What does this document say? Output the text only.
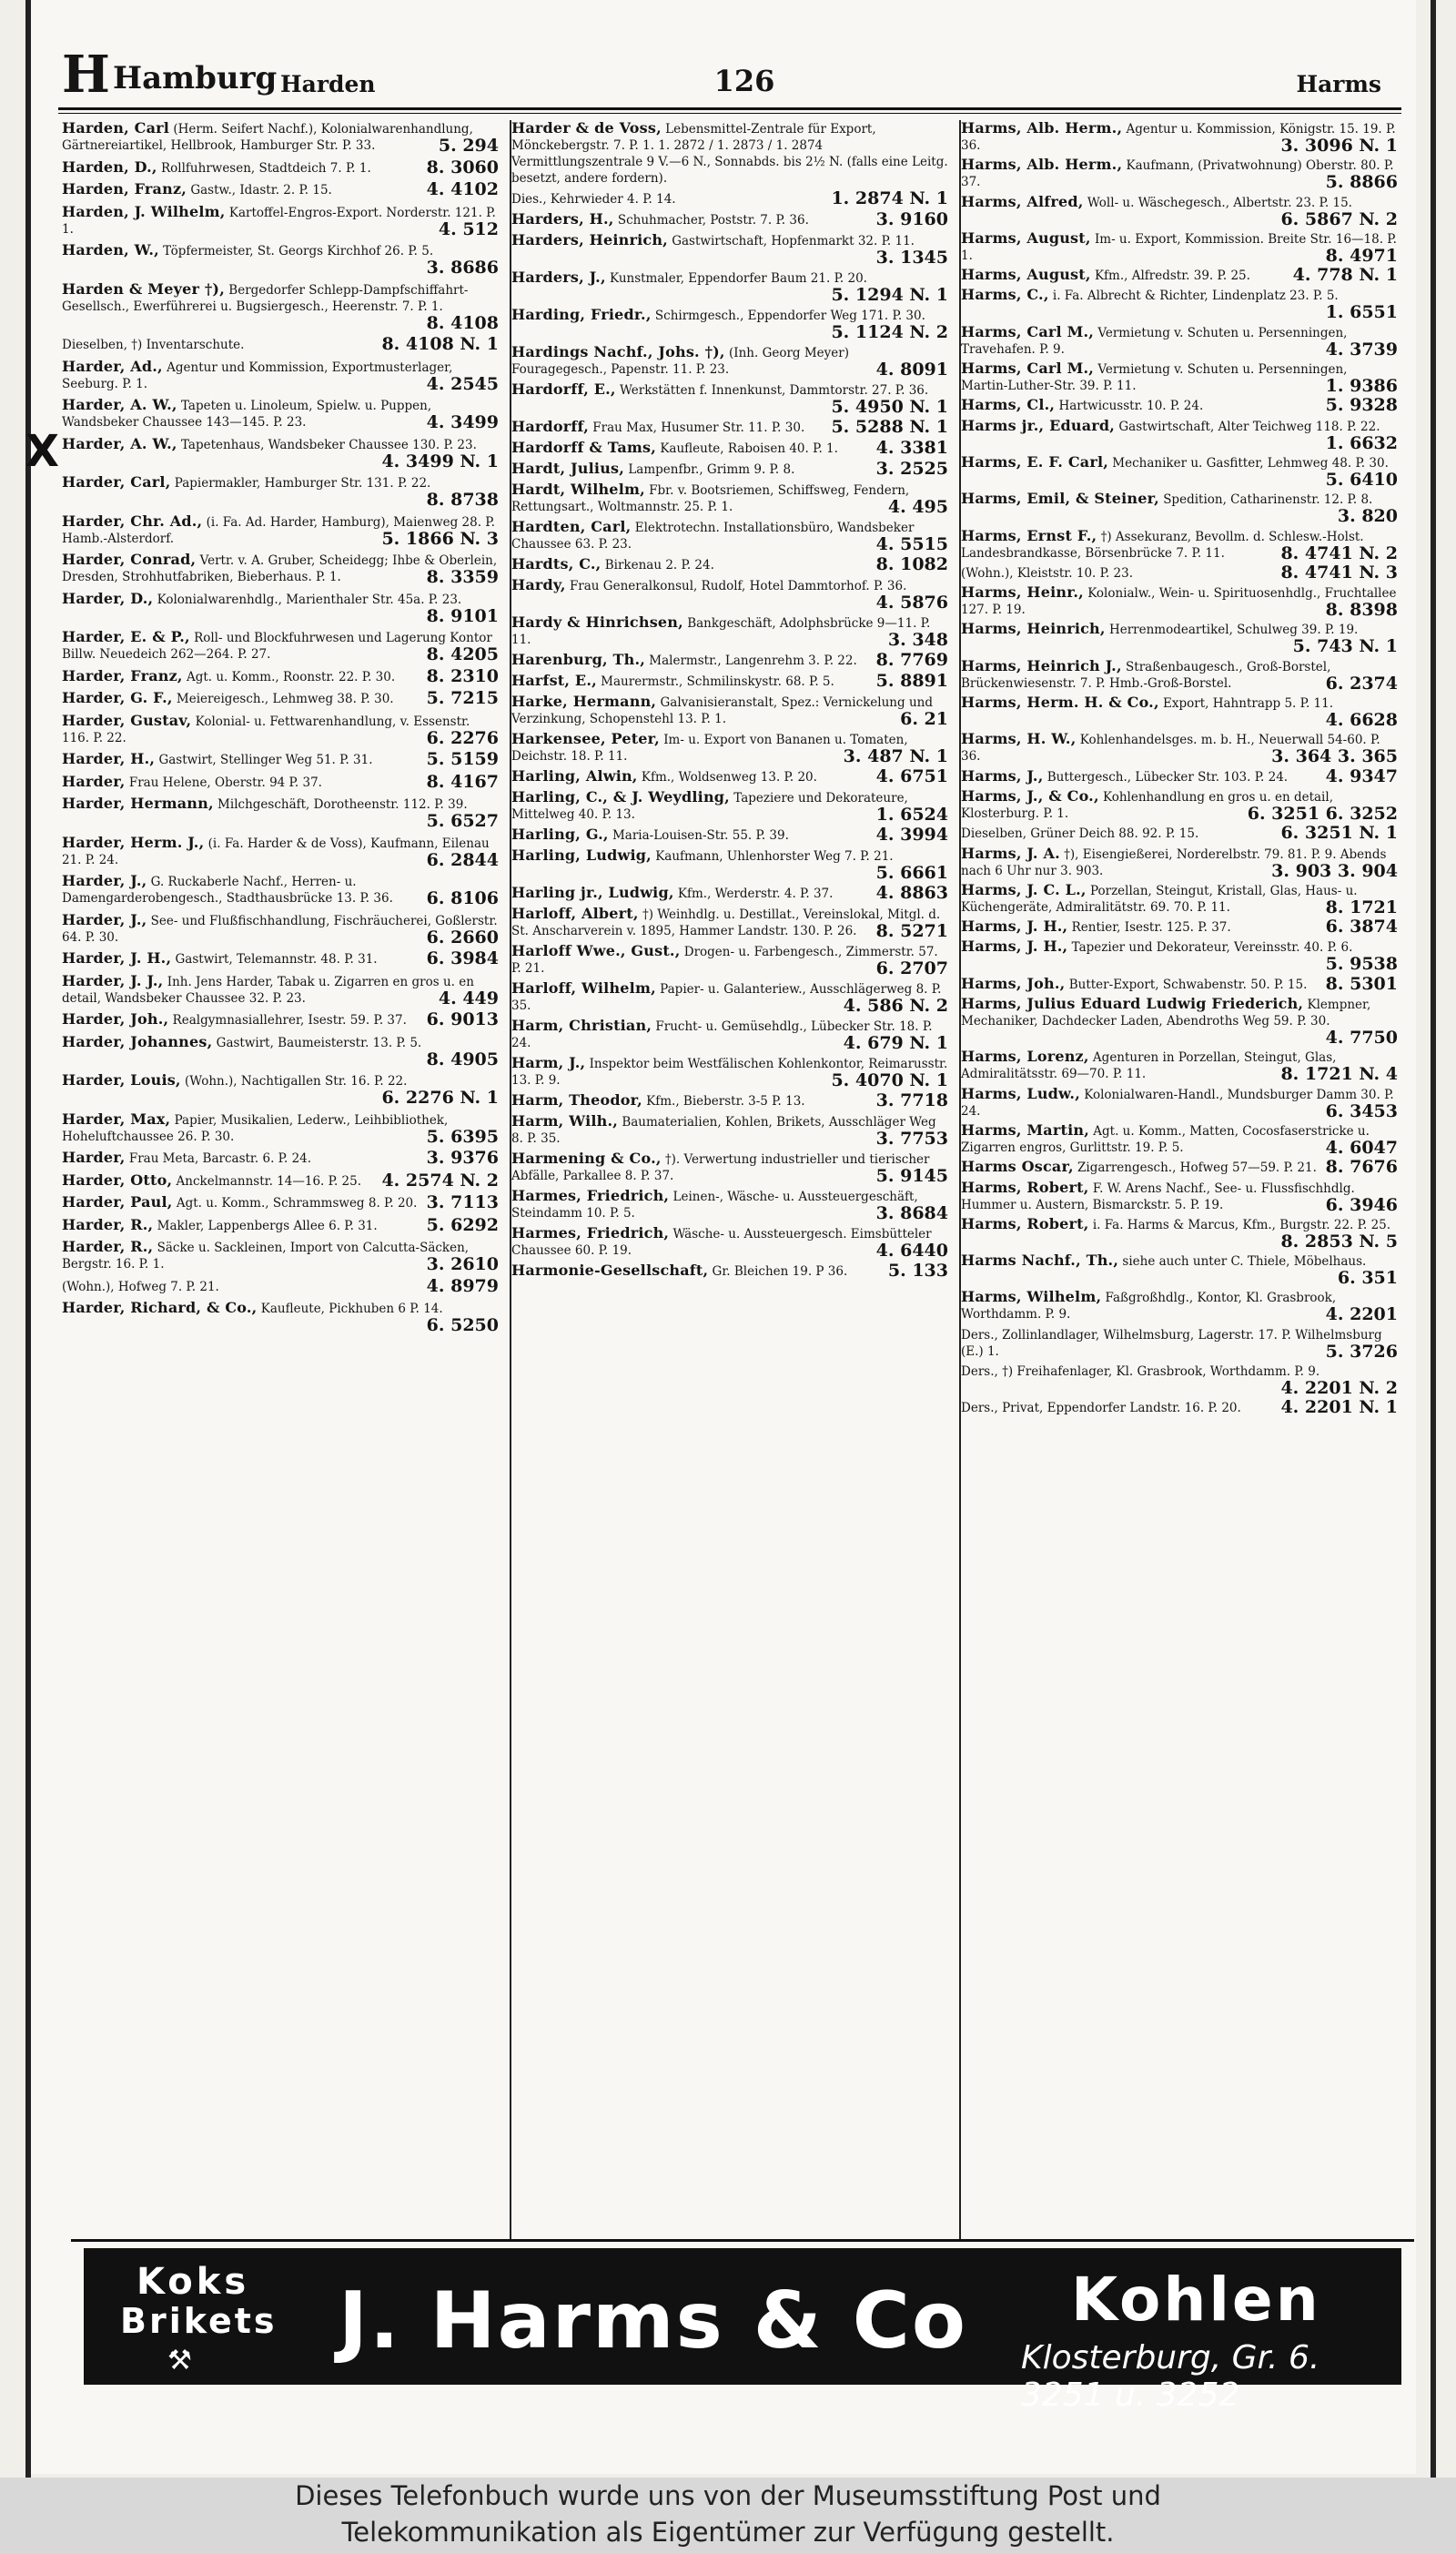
H Hamburg Harden	126	Harms
X
Harden, Carl (Herm. Seifert Nachf.), Kolonialwarenhandlung, Gärtnereiartikel, Hellbrook, Hamburger Str. P. 33.	5. 294
Harden, D., Rollfuhrwesen, Stadtdeich 7. P. 1.	8. 3060
Harden, Franz, Gastw., Idastr. 2. P. 15.	4. 4102
Harden, J. Wilhelm, Kartoffel-Engros-Export. Norderstr. 121. P. 1.	4. 512
Harden, W., Töpfermeister, St. Georgs Kirchhof 26. P. 5.
3. 8686
Harden & Meyer †), Bergedorfer Schlepp-Dampfschiffahrt-Gesellsch., Ewerführerei u. Bugsiergesch., Heerenstr. 7. P. 1.
8. 4108
Dieselben, †) Inventarschute.	8. 4108 N. 1
Harder, Ad., Agentur und Kommission, Exportmusterlager, Seeburg. P. 1.	4. 2545
Harder, A. W., Tapeten u. Linoleum, Spielw. u. Puppen, Wandsbeker Chaussee 143—145. P. 23.	4. 3499
Harder, A. W., Tapetenhaus, Wandsbeker Chaussee 130. P. 23.
4. 3499 N. 1
Harder, Carl, Papiermakler, Hamburger Str. 131. P. 22.
8. 8738
Harder, Chr. Ad., (i. Fa. Ad. Harder, Hamburg), Maienweg 28. P. Hamb.-Alsterdorf.	5. 1866 N. 3
Harder, Conrad, Vertr. v. A. Gruber, Scheidegg; Ihbe & Oberlein, Dresden, Strohhutfabriken, Bieberhaus. P. 1.	8. 3359
Harder, D., Kolonialwarenhdlg., Marienthaler Str. 45a. P. 23.
8. 9101
Harder, E. & P., Roll- und Blockfuhrwesen und Lagerung Kontor Billw. Neuedeich 262—264. P. 27.	8. 4205
Harder, Franz, Agt. u. Komm., Roonstr. 22. P. 30. 8. 2310
Harder, G. F., Meiereigesch., Lehmweg 38. P. 30. 5. 7215
Harder, Gustav, Kolonial- u. Fettwarenhandlung, v. Essenstr. 116. P. 22.	6. 2276
Harder, H., Gastwirt, Stellinger Weg 51. P. 31.	5. 5159
Harder, Frau Helene, Oberstr. 94 P. 37.	8. 4167
Harder, Hermann, Milchgeschäft, Dorotheenstr. 112. P. 39.
5. 6527
Harder, Herm. J., (i. Fa. Harder & de Voss), Kaufmann, Eilenau 21. P. 24.	6. 2844
Harder, J., G. Ruckaberle Nachf., Herren- u. Damengarderobengesch., Stadthausbrücke 13. P. 36. 6. 8106
Harder, J., See- und Flußfischhandlung, Fischräucherei, Goßlerstr. 64. P. 30.	6. 2660
Harder, J. H., Gastwirt, Telemannstr. 48. P. 31.	6. 3984
Harder, J. J., Inh. Jens Harder, Tabak u. Zigarren en gros u. en detail, Wandsbeker Chaussee 32. P. 23.	4. 449
Harder, Joh., Realgymnasiallehrer, Isestr. 59. P. 37. 6. 9013
Harder, Johannes, Gastwirt, Baumeisterstr. 13. P. 5.
8. 4905
Harder, Louis, (Wohn.), Nachtigallen Str. 16. P. 22.
6. 2276 N. 1
Harder, Max, Papier, Musikalien, Lederw., Leihbibliothek, Hoheluftchaussee 26. P. 30.	5. 6395
Harder, Frau Meta, Barcastr. 6. P. 24.	3. 9376
Harder, Otto, Anckelmannstr. 14—16. P. 25. 4. 2574 N. 2
Harder, Paul, Agt. u. Komm., Schrammsweg 8. P. 20. 3. 7113
Harder, R., Makler, Lappenbergs Allee 6. P. 31.	5. 6292
Harder, R., Säcke u. Sackleinen, Import von Calcutta-Säcken, Bergstr. 16. P. 1.	3. 2610
(Wohn.), Hofweg 7. P. 21.	4. 8979
Harder, Richard, & Co., Kaufleute, Pickhuben 6 P. 14.
6. 5250
Harder & de Voss, Lebensmittel-Zentrale für Export, Mönckebergstr. 7. P. 1. 1. 2872 / 1. 2873 / 1. 2874 Vermittlungszentrale 9 V.—6 N., Sonnabds. bis 2½ N. (falls eine Leitg. besetzt, andere fordern).
Dies., Kehrwieder 4. P. 14.	1. 2874 N. 1
Harders, H., Schuhmacher, Poststr. 7. P. 36.	3. 9160
Harders, Heinrich, Gastwirtschaft, Hopfenmarkt 32. P. 11.
3. 1345
Harders, J., Kunstmaler, Eppendorfer Baum 21. P. 20.
5. 1294 N. 1
Harding, Friedr., Schirmgesch., Eppendorfer Weg 171. P. 30.
5. 1124 N. 2
Hardings Nachf., Johs. †), (Inh. Georg Meyer) Fouragegesch., Papenstr. 11. P. 23.	4. 8091
Hardorff, E., Werkstätten f. Innenkunst, Dammtorstr. 27. P. 36.
5. 4950 N. 1
Hardorff, Frau Max, Husumer Str. 11. P. 30. 5. 5288 N. 1
Hardorff & Tams, Kaufleute, Raboisen 40. P. 1. 4. 3381
Hardt, Julius, Lampenfbr., Grimm 9. P. 8.	3. 2525
Hardt, Wilhelm, Fbr. v. Bootsriemen, Schiffsweg, Fendern, Rettungsart., Woltmannstr. 25. P. 1.	4. 495
Hardten, Carl, Elektrotechn. Installationsbüro, Wandsbeker Chaussee 63. P. 23.	4. 5515
Hardts, C., Birkenau 2. P. 24.	8. 1082
Hardy, Frau Generalkonsul, Rudolf, Hotel Dammtorhof. P. 36.
4. 5876
Hardy & Hinrichsen, Bankgeschäft, Adolphsbrücke 9—11. P. 11.	3. 348
Harenburg, Th., Malermstr., Langenrehm 3. P. 22. 8. 7769
Harfst, E., Maurermstr., Schmilinskystr. 68. P. 5. 5. 8891
Harke, Hermann, Galvanisieranstalt, Spez.: Vernickelung und Verzinkung, Schopenstehl 13. P. 1.	6. 21
Harkensee, Peter, Im- u. Export von Bananen u. Tomaten, Deichstr. 18. P. 11.	3. 487 N. 1
Harling, Alwin, Kfm., Woldsenweg 13. P. 20.	4. 6751
Harling, C., & J. Weydling, Tapeziere und Dekorateure, Mittelweg 40. P. 13.	1. 6524
Harling, G., Maria-Louisen-Str. 55. P. 39.	4. 3994
Harling, Ludwig, Kaufmann, Uhlenhorster Weg 7. P. 21.
5. 6661
Harling jr., Ludwig, Kfm., Werderstr. 4. P. 37. 4. 8863
Harloff, Albert, †) Weinhdlg. u. Destillat., Vereinslokal, Mitgl. d. St. Anscharverein v. 1895, Hammer Landstr. 130. P. 26. 8. 5271
Harloff Wwe., Gust., Drogen- u. Farbengesch., Zimmerstr. 57. P. 21.	6. 2707
Harloff, Wilhelm, Papier- u. Galanteriew., Ausschlägerweg 8. P. 35.	4. 586 N. 2
Harm, Christian, Frucht- u. Gemüsehdlg., Lübecker Str. 18. P. 24.	4. 679 N. 1
Harm, J., Inspektor beim Westfälischen Kohlenkontor, Reimarusstr. 13. P. 9.	5. 4070 N. 1
Harm, Theodor, Kfm., Bieberstr. 3-5 P. 13.	3. 7718
Harm, Wilh., Baumaterialien, Kohlen, Brikets, Ausschläger Weg 8. P. 35.	3. 7753
Harmening & Co., †). Verwertung industrieller und tierischer Abfälle, Parkallee 8. P. 37.	5. 9145
Harmes, Friedrich, Leinen-, Wäsche- u. Aussteuergeschäft, Steindamm 10. P. 5.	3. 8684
Harmes, Friedrich, Wäsche- u. Aussteuergesch. Eimsbütteler Chaussee 60. P. 19.	4. 6440
Harmonie-Gesellschaft, Gr. Bleichen 19. P 36. 5. 133
Harms, Alb. Herm., Agentur u. Kommission, Königstr. 15. 19. P. 36.	3. 3096 N. 1
Harms, Alb. Herm., Kaufmann, (Privatwohnung) Oberstr. 80. P. 37.	5. 8866
Harms, Alfred, Woll- u. Wäschegesch., Albertstr. 23. P. 15.
6. 5867 N. 2
Harms, August, Im- u. Export, Kommission. Breite Str. 16—18. P. 1.	8. 4971
Harms, August, Kfm., Alfredstr. 39. P. 25. 4. 778 N. 1
Harms, C., i. Fa. Albrecht & Richter, Lindenplatz 23. P. 5.
1. 6551
Harms, Carl M., Vermietung v. Schuten u. Persenningen, Travehafen. P. 9.	4. 3739
Harms, Carl M., Vermietung v. Schuten u. Persenningen, Martin-Luther-Str. 39. P. 11.	1. 9386
Harms, Cl., Hartwicusstr. 10. P. 24.	5. 9328
Harms jr., Eduard, Gastwirtschaft, Alter Teichweg 118. P. 22.
1. 6632
Harms, E. F. Carl, Mechaniker u. Gasfitter, Lehmweg 48. P. 30.
5. 6410
Harms, Emil, & Steiner, Spedition, Catharinenstr. 12. P. 8.
3. 820
Harms, Ernst F., †) Assekuranz, Bevollm. d. Schlesw.-Holst. Landesbrandkasse, Börsenbrücke 7. P. 11.	8. 4741 N. 2
(Wohn.), Kleiststr. 10. P. 23.	8. 4741 N. 3
Harms, Heinr., Kolonialw., Wein- u. Spirituosenhdlg., Fruchtallee 127. P. 19.	8. 8398
Harms, Heinrich, Herrenmodeartikel, Schulweg 39. P. 19.
5. 743 N. 1
Harms, Heinrich J., Straßenbaugesch., Groß-Borstel, Brückenwiesenstr. 7. P. Hmb.-Groß-Borstel.	6. 2374
Harms, Herm. H. & Co., Export, Hahntrapp 5. P. 11.
4. 6628
Harms, H. W., Kohlenhandelsges. m. b. H., Neuerwall 54-60. P. 36.	3. 364 3. 365
Harms, J., Buttergesch., Lübecker Str. 103. P. 24. 4. 9347
Harms, J., & Co., Kohlenhandlung en gros u. en detail, Klosterburg. P. 1.	6. 3251 6. 3252
Dieselben, Grüner Deich 88. 92. P. 15.	6. 3251 N. 1
Harms, J. A. †), Eisengießerei, Norderelbstr. 79. 81. P. 9. Abends nach 6 Uhr nur 3. 903.	3. 903 3. 904
Harms, J. C. L., Porzellan, Steingut, Kristall, Glas, Haus- u. Küchengeräte, Admiralitätstr. 69. 70. P. 11.	8. 1721
Harms, J. H., Rentier, Isestr. 125. P. 37.	6. 3874
Harms, J. H., Tapezier und Dekorateur, Vereinsstr. 40. P. 6.
5. 9538
Harms, Joh., Butter-Export, Schwabenstr. 50. P. 15. 8. 5301
Harms, Julius Eduard Ludwig Friederich, Klempner, Mechaniker, Dachdecker Laden, Abendroths Weg 59. P. 30.
4. 7750
Harms, Lorenz, Agenturen in Porzellan, Steingut, Glas, Admiralitätsstr. 69—70. P. 11.	8. 1721 N. 4
Harms, Ludw., Kolonialwaren-Handl., Mundsburger Damm 30. P. 24.	6. 3453
Harms, Martin, Agt. u. Komm., Matten, Cocosfaserstricke u. Zigarren engros, Gurlittstr. 19. P. 5.	4. 6047
Harms Oscar, Zigarrengesch., Hofweg 57—59. P. 21. 8. 7676
Harms, Robert, F. W. Arens Nachf., See- u. Flussfischhdlg. Hummer u. Austern, Bismarckstr. 5. P. 19.	6. 3946
Harms, Robert, i. Fa. Harms & Marcus, Kfm., Burgstr. 22. P. 25.
8. 2853 N. 5
Harms Nachf., Th., siehe auch unter C. Thiele, Möbelhaus.
6. 351
Harms, Wilhelm, Faßgroßhdlg., Kontor, Kl. Grasbrook, Worthdamm. P. 9.	4. 2201
Ders., Zollinlandlager, Wilhelmsburg, Lagerstr. 17. P. Wilhelmsburg (E.) 1.	5. 3726
Ders., †) Freihafenlager, Kl. Grasbrook, Worthdamm. P. 9.
4. 2201 N. 2
Ders., Privat, Eppendorfer Landstr. 16. P. 20. 4. 2201 N. 1
Koks
Brikets
⚒ J. Harms & Co Kohlen
Klosterburg, Gr. 6. 3251 u. 3252
Dieses Telefonbuch wurde uns von der Museumsstiftung Post und
Telekommunikation als Eigentümer zur Verfügung gestellt.
